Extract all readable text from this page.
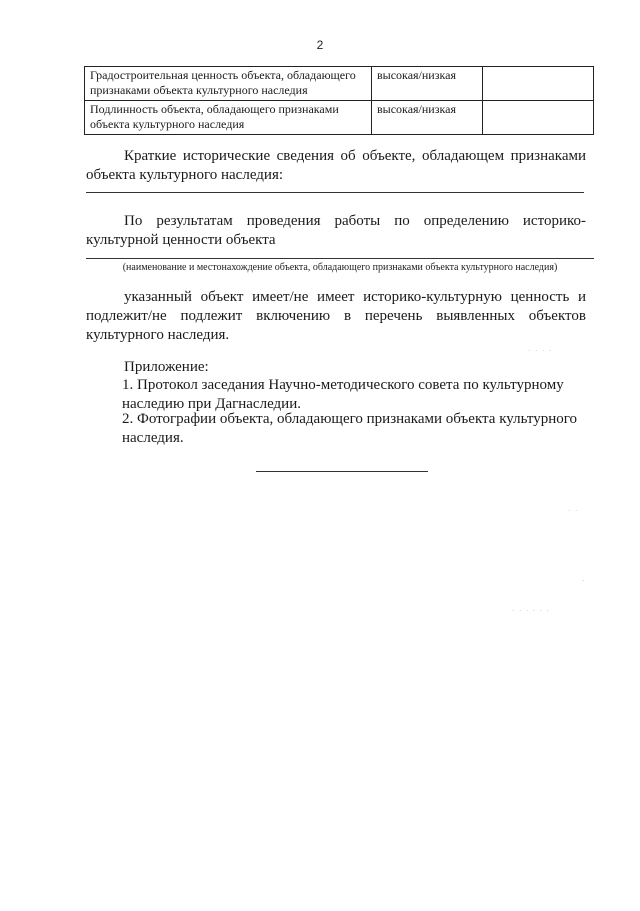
2
Градостроительная ценность объекта, обладающего признаками объекта культурного наследия	высокая/низкая	
Подлинность объекта, обладающего признаками объекта культурного наследия	высокая/низкая	
Краткие исторические сведения об объекте, обладающем признаками объекта культурного наследия:
По результатам проведения работы по определению историко-культурной ценности объекта
(наименование и местонахождение объекта, обладающего признаками объекта культурного наследия)
указанный объект имеет/не имеет историко-культурную ценность и подлежит/не подлежит включению в перечень выявленных объектов культурного наследия.
Приложение:
1. Протокол заседания Научно-методического совета по культурному наследию при Дагнаследии.
2. Фотографии объекта, обладающего признаками объекта культурного наследия.
· · · ·
· ·
·
· · · · · ·
